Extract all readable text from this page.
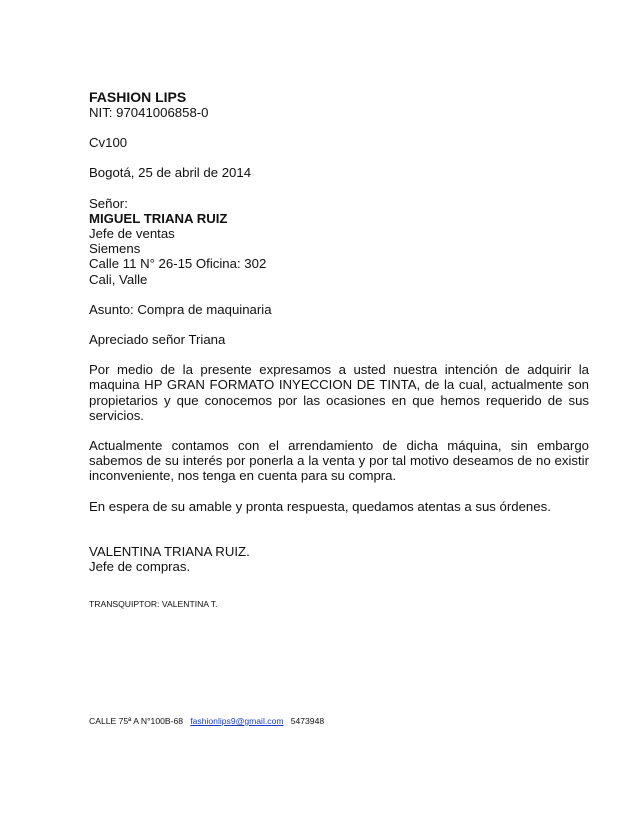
FASHION LIPS

NIT: 97041006858-0
Cv100
Bogotá, 25 de abril de 2014
Señor:
MIGUEL TRIANA RUIZ
Jefe de ventas
Siemens
Calle 11 N° 26-15 Oficina: 302
Cali, Valle
Asunto: Compra de maquinaria
Apreciado señor Triana

Por medio de la presente expresamos a usted nuestra intención de adquirir la maquina HP GRAN FORMATO INYECCION DE TINTA, de la cual, actualmente son propietarios y que conocemos por las ocasiones en que hemos requerido de sus servicios.

Actualmente contamos con el arrendamiento de dicha máquina, sin embargo sabemos de su interés por ponerla a la venta y por tal motivo deseamos de no existir inconveniente, nos tenga en cuenta para su compra.

En espera de su amable y pronta respuesta, quedamos atentas a sus órdenes.
VALENTINA TRIANA RUIZ.
Jefe de compras.
TRANSQUIPTOR: VALENTINA T.
CALLE 75ª A N°100B-68 fashionlips9@gmail.com 5473948
